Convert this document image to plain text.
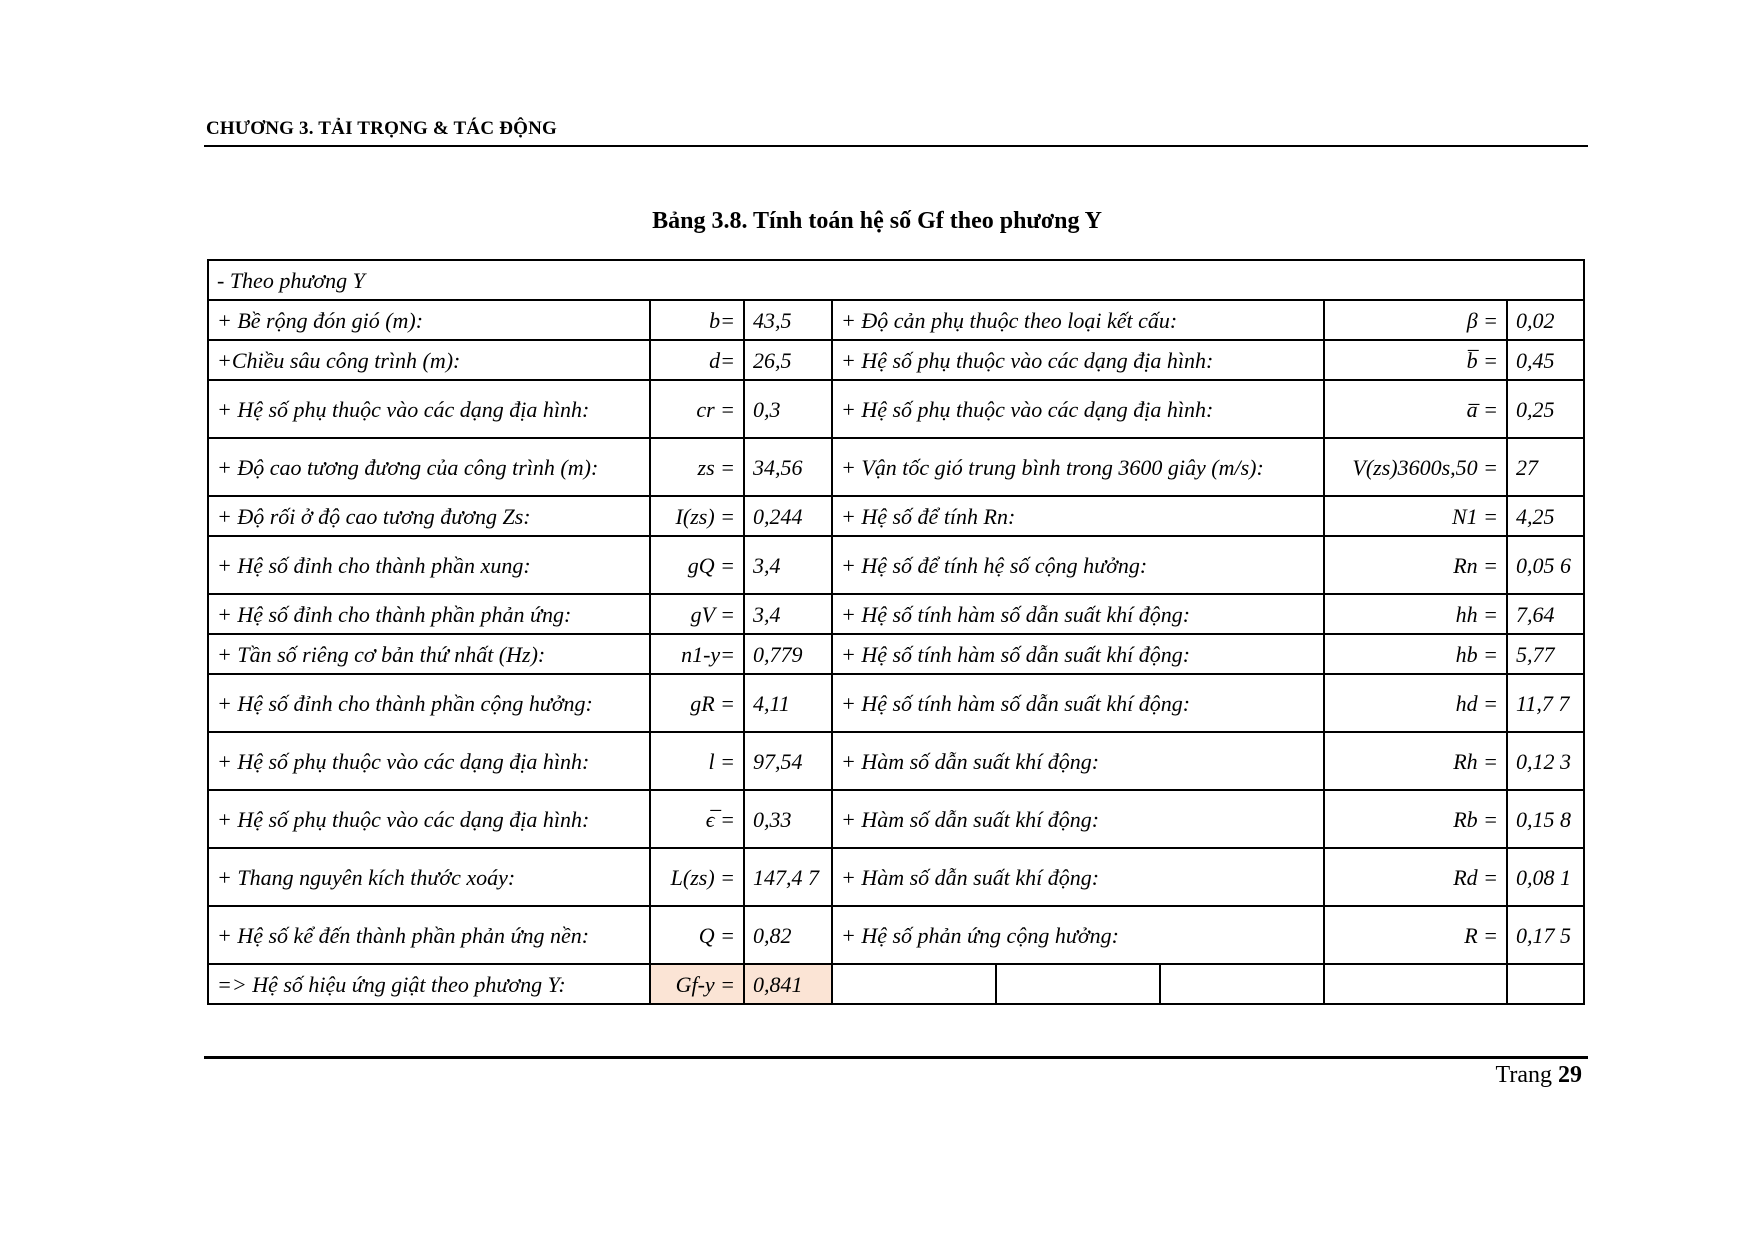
CHƯƠNG 3. TẢI TRỌNG & TÁC ĐỘNG
Bảng 3.8. Tính toán hệ số Gf theo phương Y
- Theo phương Y							
+ Bề rộng đón gió (m):	b=	43,5	+ Độ cản phụ thuộc theo loại kết cấu:			β =	0,02
+Chiều sâu công trình (m):	d=	26,5	+ Hệ số phụ thuộc vào các dạng địa hình:			b̅ =	0,45
+ Hệ số phụ thuộc vào các dạng địa hình:	cr =	0,3	+ Hệ số phụ thuộc vào các dạng địa hình:			a̅ =	0,25
+ Độ cao tương đương của công trình (m):	zs =	34,56	+ Vận tốc gió trung bình trong 3600 giây (m/s):			V(zs)3600s,50 =	27
+ Độ rối ở độ cao tương đương Zs:	I(zs) =	0,244	+ Hệ số để tính Rn:			N1 =	4,25
+ Hệ số đỉnh cho thành phần xung:	gQ =	3,4	+ Hệ số để tính hệ số cộng hưởng:			Rn =	0,05 6
+ Hệ số đỉnh cho thành phần phản ứng:	gV =	3,4	+ Hệ số tính hàm số dẫn suất khí động:			hh =	7,64
+ Tần số riêng cơ bản thứ nhất (Hz):	n1-y=	0,779	+ Hệ số tính hàm số dẫn suất khí động:			hb =	5,77
+ Hệ số đỉnh cho thành phần cộng hưởng:	gR =	4,11	+ Hệ số tính hàm số dẫn suất khí động:			hd =	11,7 7
+ Hệ số phụ thuộc vào các dạng địa hình:	l =	97,54	+ Hàm số dẫn suất khí động:			Rh =	0,12 3
+ Hệ số phụ thuộc vào các dạng địa hình:	ϵ̅ =	0,33	+ Hàm số dẫn suất khí động:			Rb =	0,15 8
+ Thang nguyên kích thước xoáy:	L(zs) =	147,4 7	+ Hàm số dẫn suất khí động:			Rd =	0,08 1
+ Hệ số kể đến thành phần phản ứng nền:	Q =	0,82	+ Hệ số phản ứng cộng hưởng:			R =	0,17 5
=> Hệ số hiệu ứng giật theo phương Y:	Gf-y =	0,841					
Trang 29
